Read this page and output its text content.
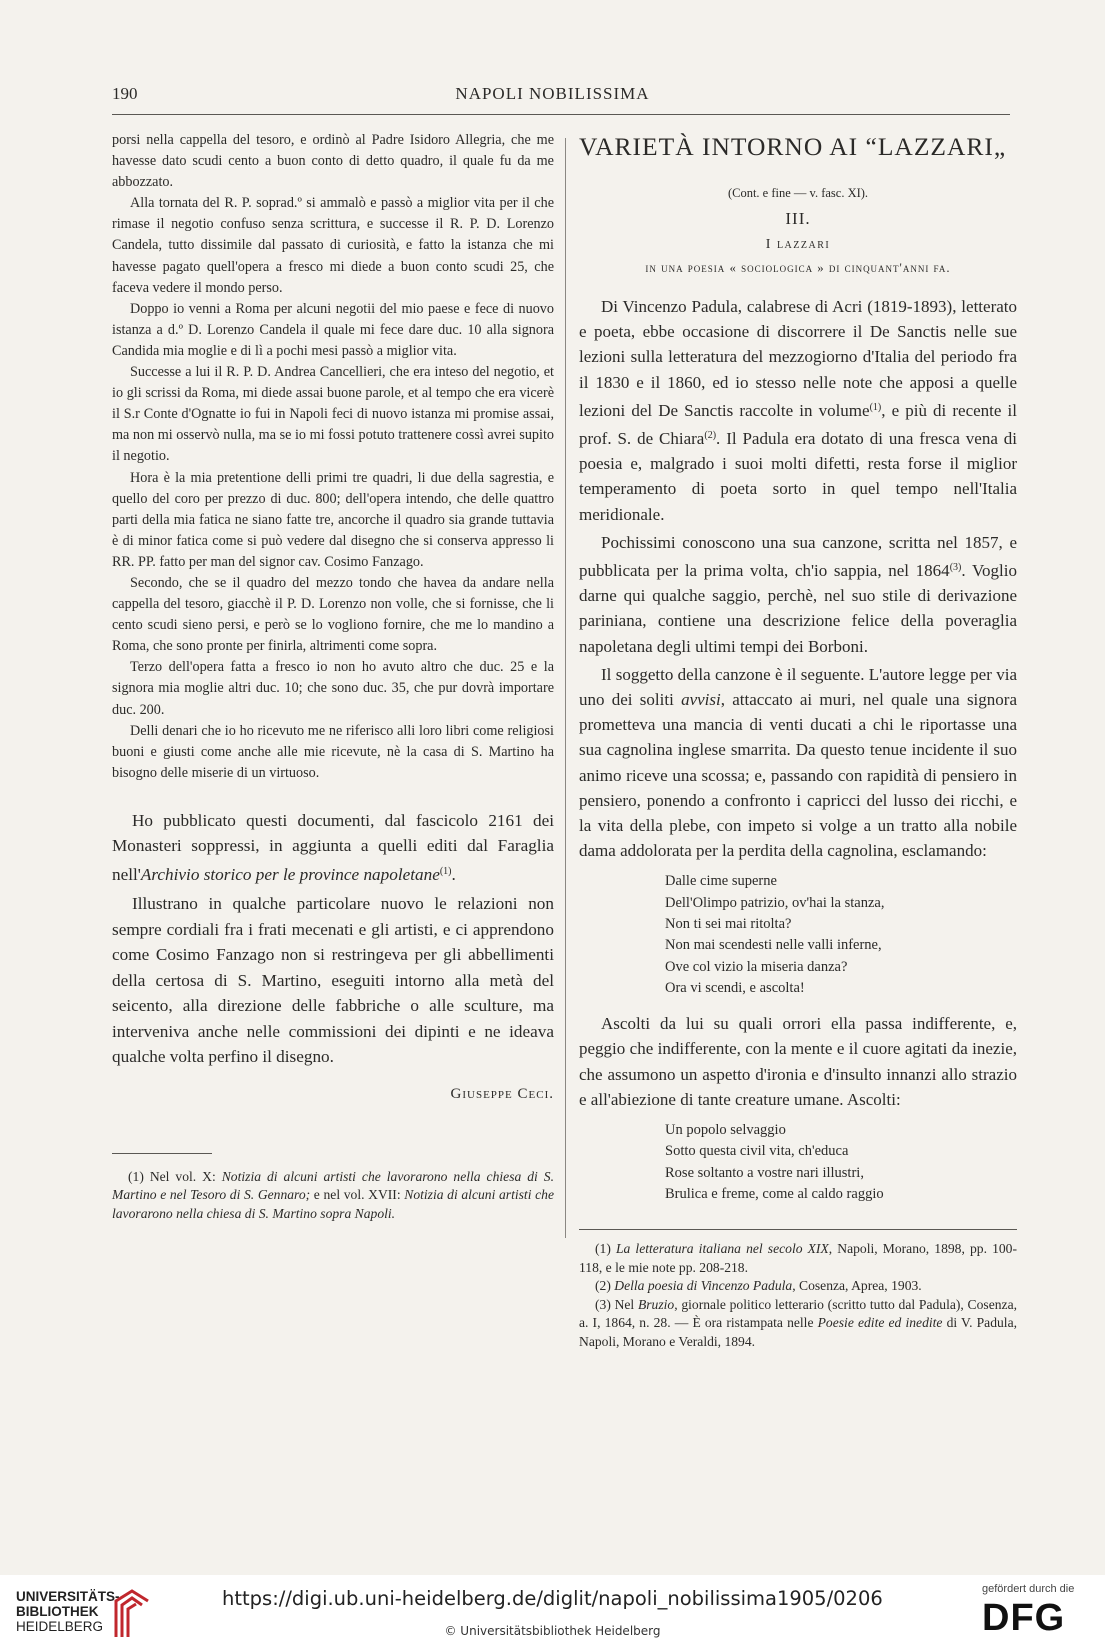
190	NAPOLI NOBILISSIMA

porsi nella cappella del tesoro, e ordinò al Padre Isidoro Allegria, che me havesse dato scudi cento a buon conto di detto quadro, il quale fu da me abbozzato.

Alla tornata del R. P. soprad.º si ammalò e passò a miglior vita per il che rimase il negotio confuso senza scrittura, e successe il R. P. D. Lorenzo Candela, tutto dissimile dal passato di curiosità, e fatto la istanza che mi havesse pagato quell'opera a fresco mi diede a buon conto scudi 25, che faceva vedere il mondo perso.

Doppo io venni a Roma per alcuni negotii del mio paese e fece di nuovo istanza a d.º D. Lorenzo Candela il quale mi fece dare duc. 10 alla signora Candida mia moglie e di lì a pochi mesi passò a miglior vita.

Successe a lui il R. P. D. Andrea Cancellieri, che era inteso del negotio, et io gli scrissi da Roma, mi diede assai buone parole, et al tempo che era vicerè il S.r Conte d'Ognatte io fui in Napoli feci di nuovo istanza mi promise assai, ma non mi osservò nulla, ma se io mi fossi potuto trattenere cossì avrei supito il negotio.

Hora è la mia pretentione delli primi tre quadri, li due della sagrestia, e quello del coro per prezzo di duc. 800; dell'opera intendo, che delle quattro parti della mia fatica ne siano fatte tre, ancorche il quadro sia grande tuttavia è di minor fatica come si può vedere dal disegno che si conserva appresso li RR. PP. fatto per man del signor cav. Cosimo Fanzago.

Secondo, che se il quadro del mezzo tondo che havea da andare nella cappella del tesoro, giacchè il P. D. Lorenzo non volle, che si fornisse, che li cento scudi sieno persi, e però se lo vogliono fornire, che me lo mandino a Roma, che sono pronte per finirla, altrimenti come sopra.

Terzo dell'opera fatta a fresco io non ho avuto altro che duc. 25 e la signora mia moglie altri duc. 10; che sono duc. 35, che pur dovrà importare duc. 200.

Delli denari che io ho ricevuto me ne riferisco alli loro libri come religiosi buoni e giusti come anche alle mie ricevute, nè la casa di S. Martino ha bisogno delle miserie di un virtuoso.

Ho pubblicato questi documenti, dal fascicolo 2161 dei Monasteri soppressi, in aggiunta a quelli editi dal Faraglia nell'Archivio storico per le province napoletane$^{(1)}$.

Illustrano in qualche particolare nuovo le relazioni non sempre cordiali fra i frati mecenati e gli artisti, e ci apprendono come Cosimo Fanzago non si restringeva per gli abbellimenti della certosa di S. Martino, eseguiti intorno alla metà del seicento, alla direzione delle fabbriche o alle sculture, ma interveniva anche nelle commissioni dei dipinti e ne ideava qualche volta perfino il disegno.

Giuseppe Ceci.

(1) Nel vol. X: Notizia di alcuni artisti che lavorarono nella chiesa di S. Martino e nel Tesoro di S. Gennaro; e nel vol. XVII: Notizia di alcuni artisti che lavorarono nella chiesa di S. Martino sopra Napoli.

VARIETÀ INTORNO AI “LAZZARI„
(Cont. e fine — v. fasc. XI).
III.
I lazzari
in una poesia « sociologica » di cinquant'anni fa.

Di Vincenzo Padula, calabrese di Acri (1819-1893), letterato e poeta, ebbe occasione di discorrere il De Sanctis nelle sue lezioni sulla letteratura del mezzogiorno d'Italia del periodo fra il 1830 e il 1860, ed io stesso nelle note che apposi a quelle lezioni del De Sanctis raccolte in volume$^{(1)}$, e più di recente il prof. S. de Chiara$^{(2)}$. Il Padula era dotato di una fresca vena di poesia e, malgrado i suoi molti difetti, resta forse il miglior temperamento di poeta sorto in quel tempo nell'Italia meridionale.

Pochissimi conoscono una sua canzone, scritta nel 1857, e pubblicata per la prima volta, ch'io sappia, nel 1864$^{(3)}$. Voglio darne qui qualche saggio, perchè, nel suo stile di derivazione pariniana, contiene una descrizione felice della poveraglia napoletana degli ultimi tempi dei Borboni.

Il soggetto della canzone è il seguente. L'autore legge per via uno dei soliti avvisi, attaccato ai muri, nel quale una signora prometteva una mancia di venti ducati a chi le riportasse una sua cagnolina inglese smarrita. Da questo tenue incidente il suo animo riceve una scossa; e, passando con rapidità di pensiero in pensiero, ponendo a confronto i capricci del lusso dei ricchi, e la vita della plebe, con impeto si volge a un tratto alla nobile dama addolorata per la perdita della cagnolina, esclamando:

Dalle cime superne
Dell'Olimpo patrizio, ov'hai la stanza,
Non ti sei mai ritolta?
Non mai scendesti nelle valli inferne,
Ove col vizio la miseria danza?
Ora vi scendi, e ascolta!

Ascolti da lui su quali orrori ella passa indifferente, e, peggio che indifferente, con la mente e il cuore agitati da inezie, che assumono un aspetto d'ironia e d'insulto innanzi allo strazio e all'abiezione di tante creature umane. Ascolti:

Un popolo selvaggio
Sotto questa civil vita, ch'educa
Rose soltanto a vostre nari illustri,
Brulica e freme, come al caldo raggio

(1) La letteratura italiana nel secolo XIX, Napoli, Morano, 1898, pp. 100-118, e le mie note pp. 208-218.

(2) Della poesia di Vincenzo Padula, Cosenza, Aprea, 1903.

(3) Nel Bruzio, giornale politico letterario (scritto tutto dal Padula), Cosenza, a. I, 1864, n. 28. — È ora ristampata nelle Poesie edite ed inedite di V. Padula, Napoli, Morano e Veraldi, 1894.

UNIVERSITÄTS-
BIBLIOTHEK
HEIDELBERG
https://digi.ub.uni-heidelberg.de/diglit/napoli_nobilissima1905/0206
© Universitätsbibliothek Heidelberg
gefördert durch die
DFG
